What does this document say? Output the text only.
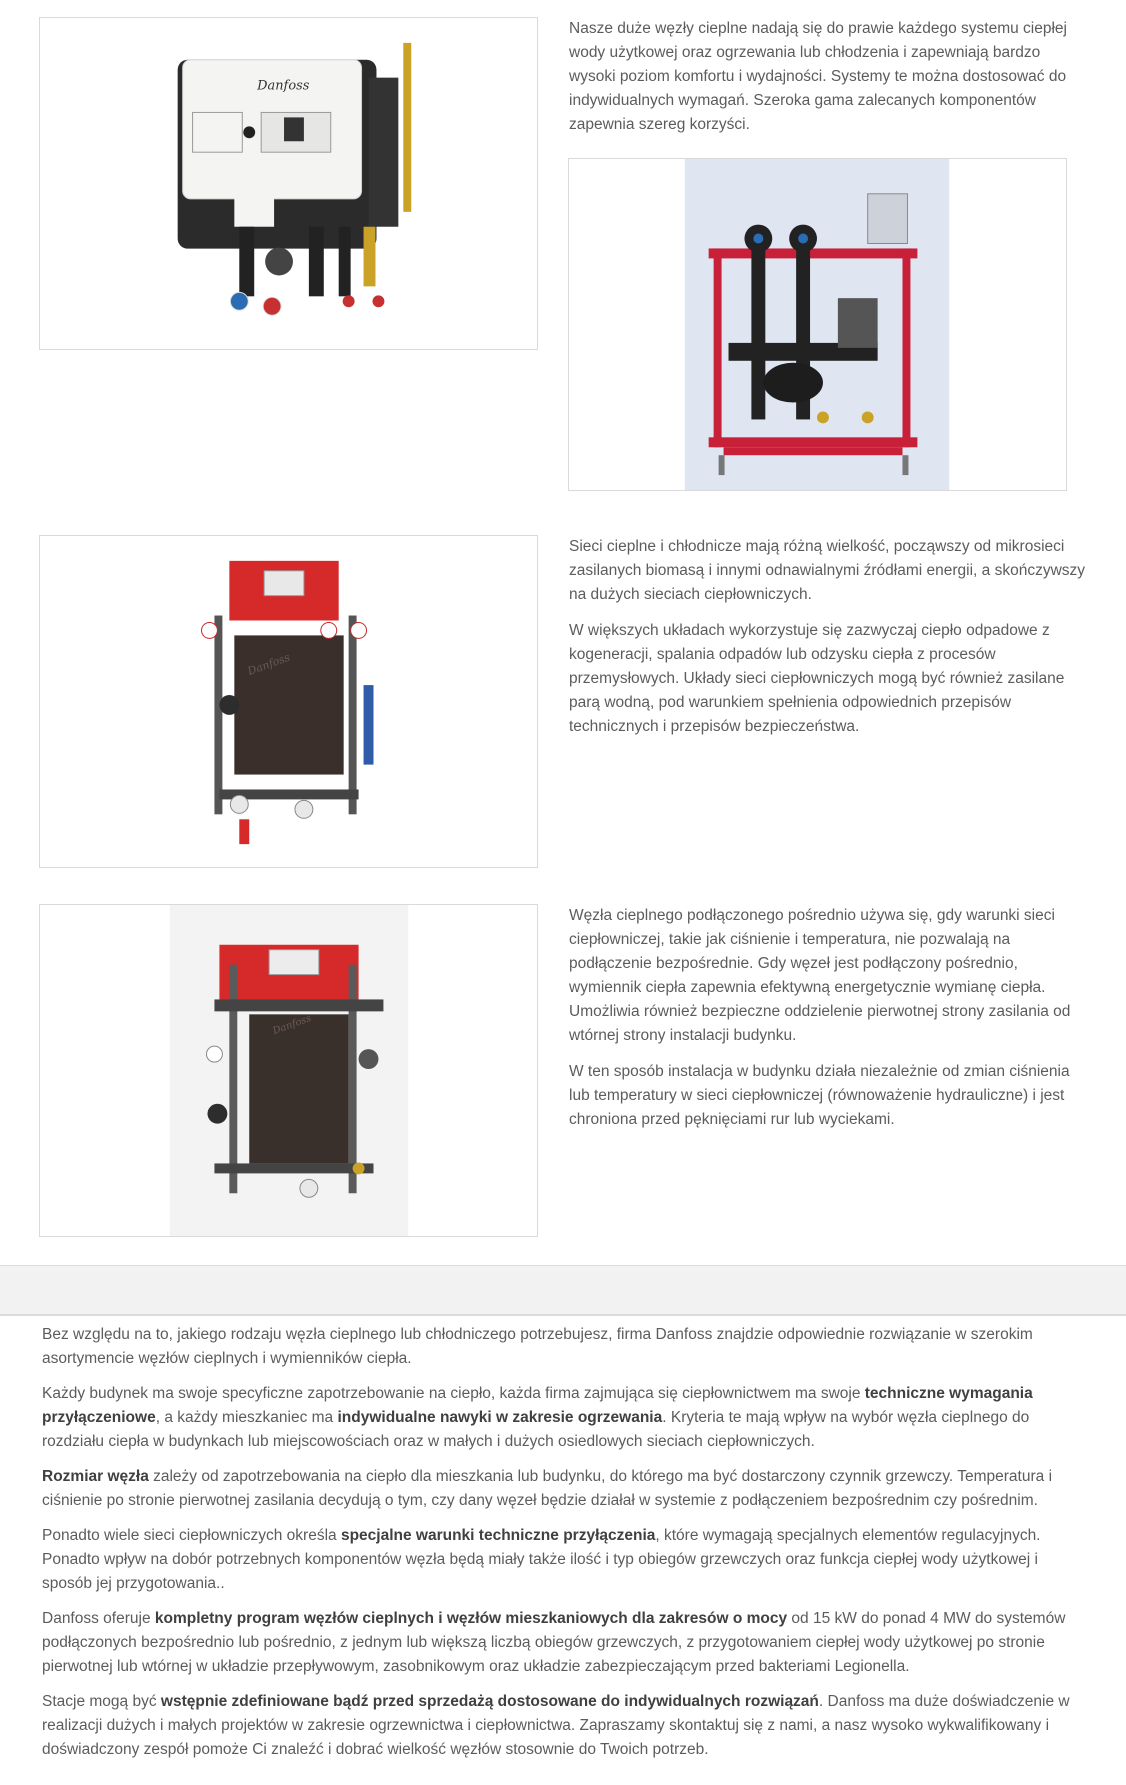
Danfoss

Nasze duże węzły cieplne nadają się do prawie każdego systemu ciepłej wody użytkowej oraz ogrzewania lub chłodzenia i zapewniają bardzo wysoki poziom komfortu i wydajności. Systemy te można dostosować do indywidualnych wymagań. Szeroka gama zalecanych komponentów zapewnia szereg korzyści.

Danfoss

Sieci cieplne i chłodnicze mają różną wielkość, począwszy od mikrosieci zasilanych biomasą i innymi odnawialnymi źródłami energii, a skończywszy na dużych sieciach ciepłowniczych.

W większych układach wykorzystuje się zazwyczaj ciepło odpadowe z kogeneracji, spalania odpadów lub odzysku ciepła z procesów przemysłowych. Układy sieci ciepłowniczych mogą być również zasilane parą wodną, pod warunkiem spełnienia odpowiednich przepisów technicznych i przepisów bezpieczeństwa.

Danfoss

Węzła cieplnego podłączonego pośrednio używa się, gdy warunki sieci ciepłowniczej, takie jak ciśnienie i temperatura, nie pozwalają na podłączenie bezpośrednie. Gdy węzeł jest podłączony pośrednio, wymiennik ciepła zapewnia efektywną energetycznie wymianę ciepła. Umożliwia również bezpieczne oddzielenie pierwotnej strony zasilania od wtórnej strony instalacji budynku.

W ten sposób instalacja w budynku działa niezależnie od zmian ciśnienia lub temperatury w sieci ciepłowniczej (równoważenie hydrauliczne) i jest chroniona przed pęknięciami rur lub wyciekami.

Bez względu na to, jakiego rodzaju węzła cieplnego lub chłodniczego potrzebujesz, firma Danfoss znajdzie odpowiednie rozwiązanie w szerokim asortymencie węzłów cieplnych i wymienników ciepła.

Każdy budynek ma swoje specyficzne zapotrzebowanie na ciepło, każda firma zajmująca się ciepłownictwem ma swoje techniczne wymagania przyłączeniowe, a każdy mieszkaniec ma indywidualne nawyki w zakresie ogrzewania. Kryteria te mają wpływ na wybór węzła cieplnego do rozdziału ciepła w budynkach lub miejscowościach oraz w małych i dużych osiedlowych sieciach ciepłowniczych.

Rozmiar węzła zależy od zapotrzebowania na ciepło dla mieszkania lub budynku, do którego ma być dostarczony czynnik grzewczy. Temperatura i ciśnienie po stronie pierwotnej zasilania decydują o tym, czy dany węzeł będzie działał w systemie z podłączeniem bezpośrednim czy pośrednim.

Ponadto wiele sieci ciepłowniczych określa specjalne warunki techniczne przyłączenia, które wymagają specjalnych elementów regulacyjnych. Ponadto wpływ na dobór potrzebnych komponentów węzła będą miały także ilość i typ obiegów grzewczych oraz funkcja ciepłej wody użytkowej i sposób jej przygotowania..

Danfoss oferuje kompletny program węzłów cieplnych i węzłów mieszkaniowych dla zakresów o mocy od 15 kW do ponad 4 MW do systemów podłączonych bezpośrednio lub pośrednio, z jednym lub większą liczbą obiegów grzewczych, z przygotowaniem ciepłej wody użytkowej po stronie pierwotnej lub wtórnej w układzie przepływowym, zasobnikowym oraz układzie zabezpieczającym przed bakteriami Legionella.

Stacje mogą być wstępnie zdefiniowane bądź przed sprzedażą dostosowane do indywidualnych rozwiązań. Danfoss ma duże doświadczenie w realizacji dużych i małych projektów w zakresie ogrzewnictwa i ciepłownictwa. Zapraszamy skontaktuj się z nami, a nasz wysoko wykwalifikowany i doświadczony zespół pomoże Ci znaleźć i dobrać wielkość węzłów stosownie do Twoich potrzeb.
